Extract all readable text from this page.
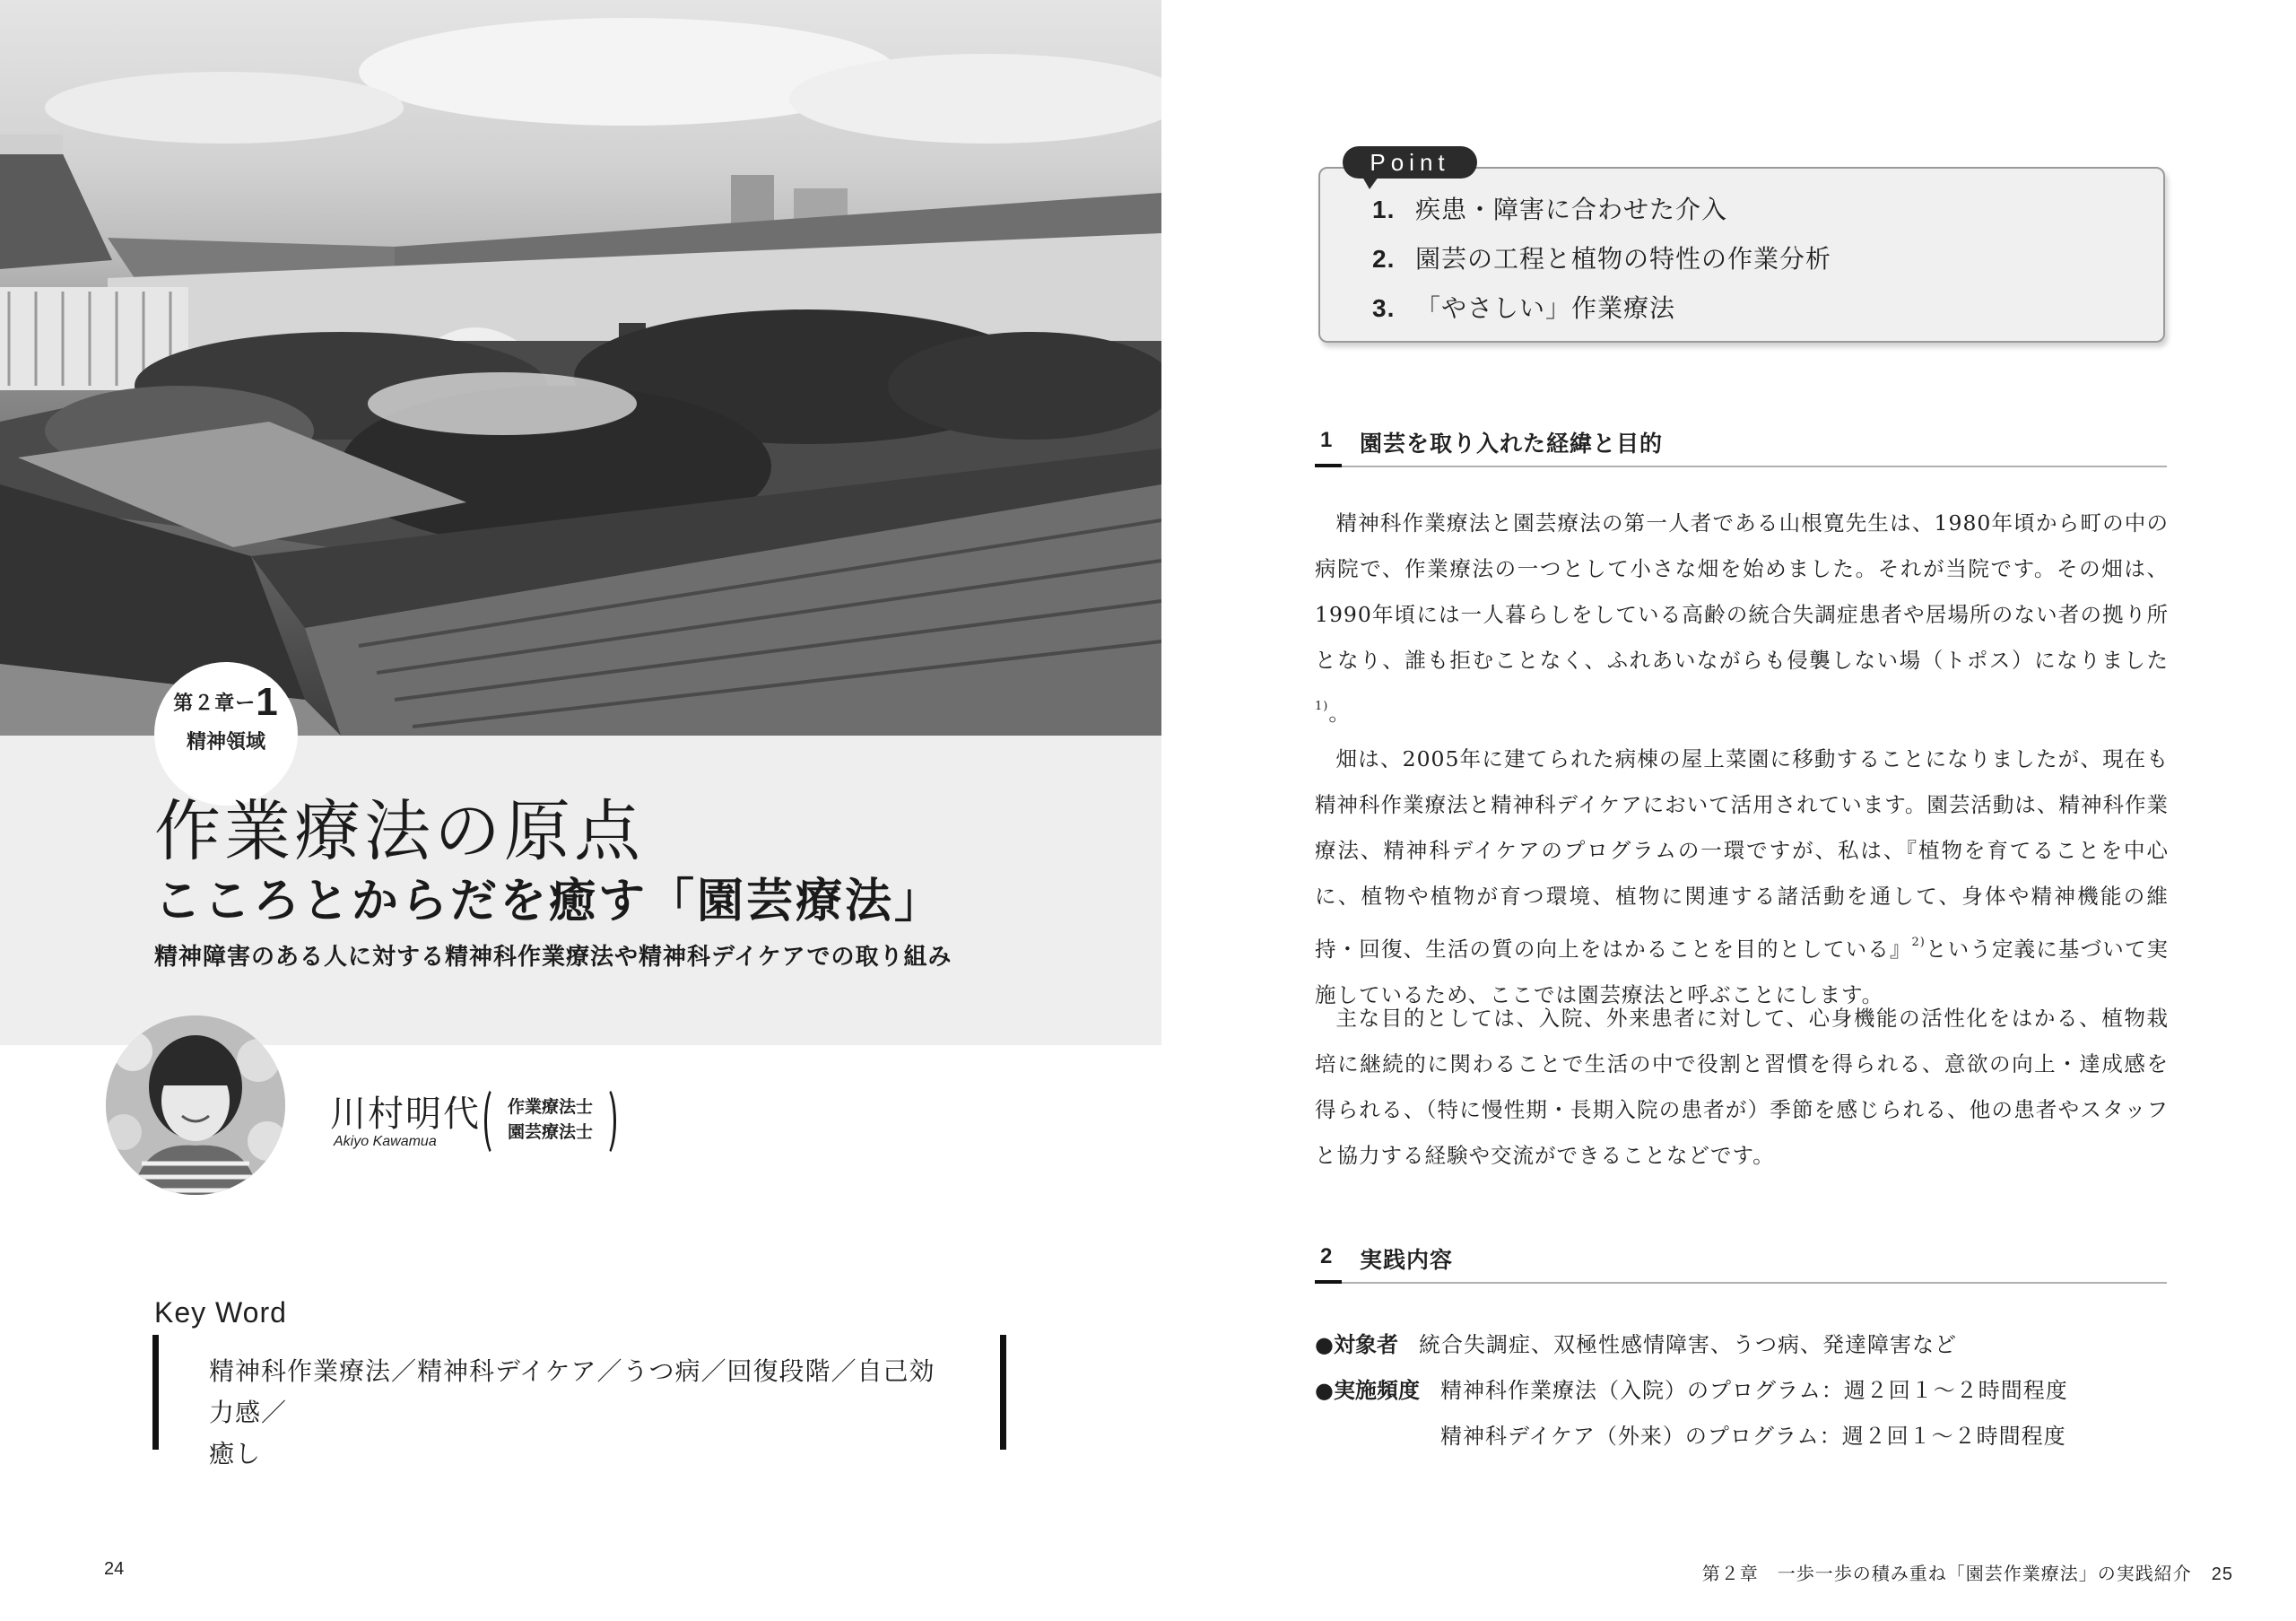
第２章ー1
精神領域
作業療法の原点
こころとからだを癒す「園芸療法」
精神障害のある人に対する精神科作業療法や精神科デイケアでの取り組み
川村明代
Akiyo Kawamua
作業療法士
園芸療法士
Key Word

精神科作業療法／精神科デイケア／うつ病／回復段階／自己効力感／

癒し

24
Point
1. 疾患・障害に合わせた介入
2. 園芸の工程と植物の特性の作業分析
3. 「やさしい」作業療法
1 園芸を取り入れた経緯と目的

精神科作業療法と園芸療法の第一人者である山根寛先生は、1980年頃から町の中の病院で、作業療法の一つとして小さな畑を始めました。それが当院です。その畑は、1990年頃には一人暮らしをしている高齢の統合失調症患者や居場所のない者の拠り所となり、誰も拒むことなく、ふれあいながらも侵襲しない場（トポス）になりました$^{1)}$。

畑は、2005年に建てられた病棟の屋上菜園に移動することになりましたが、現在も精神科作業療法と精神科デイケアにおいて活用されています。園芸活動は、精神科作業療法、精神科デイケアのプログラムの一環ですが、私は、『植物を育てることを中心に、植物や植物が育つ環境、植物に関連する諸活動を通して、身体や精神機能の維持・回復、生活の質の向上をはかることを目的としている』$^{2)}$という定義に基づいて実施しているため、ここでは園芸療法と呼ぶことにします。

主な目的としては、入院、外来患者に対して、心身機能の活性化をはかる、植物栽培に継続的に関わることで生活の中で役割と習慣を得られる、意欲の向上・達成感を得られる、（特に慢性期・長期入院の患者が）季節を感じられる、他の患者やスタッフと協力する経験や交流ができることなどです。

2 実践内容
●対象者 統合失調症、双極性感情障害、うつ病、発達障害など
●実施頻度 精神科作業療法（入院）のプログラム：週２回１～２時間程度
精神科デイケア（外来）のプログラム：週２回１～２時間程度
第２章　一歩一歩の積み重ね「園芸作業療法」の実践紹介 25
